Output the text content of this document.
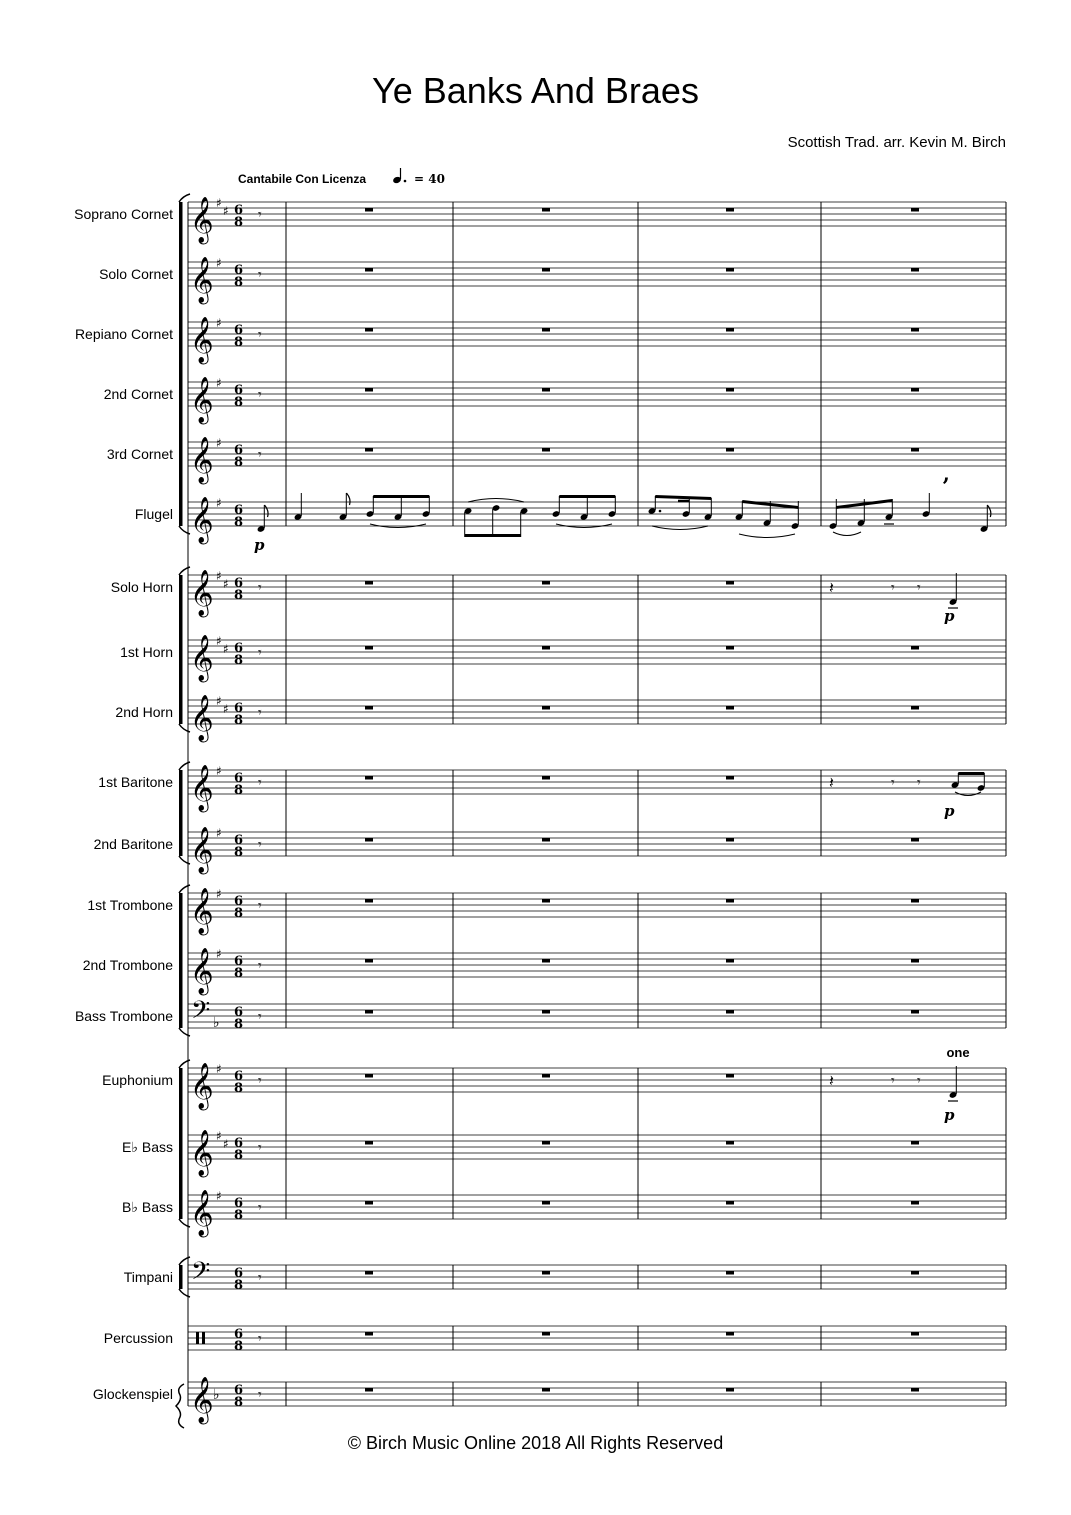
Ye Banks And Braes
Scottish Trad. arr. Kevin M. Birch
Cantabile Con Licenza	= 40
Soprano Cornet 𝄞 ♯
♯ 6
8 𝄾
Solo Cornet 𝄞 ♯ 6
8 𝄾
Repiano Cornet 𝄞 ♯ 6
8 𝄾
2nd Cornet 𝄞 ♯ 6
8 𝄾
3rd Cornet 𝄞 ♯ 6
8 𝄾
Flugel 𝄞 ♯ 6
8
Solo Horn 𝄞 ♯
♯ 6
8 𝄾
1st Horn 𝄞 ♯
♯ 6
8 𝄾
2nd Horn 𝄞 ♯
♯ 6
8 𝄾
1st Baritone 𝄞 ♯ 6
8 𝄾
2nd Baritone 𝄞 ♯ 6
8 𝄾
1st Trombone 𝄞 ♯ 6
8 𝄾
2nd Trombone 𝄞 ♯ 6
8 𝄾
Bass Trombone 𝄢 ♭
6
8 𝄾
Euphonium 𝄞 ♯ 6
8 𝄾
E♭ Bass 𝄞 ♯
♯ 6
8 𝄾
B♭ Bass 𝄞 ♯ 6
8 𝄾
Timpani 𝄢 6
8 𝄾
Percussion	6
8 𝄾
Glockenspiel 𝄞 ♭ 6
8 𝄾
p
’
𝄽	𝄾 𝄾
p
𝄽	𝄾 𝄾
p
𝄽	𝄾 𝄾
p
one
© Birch Music Online 2018 All Rights Reserved
